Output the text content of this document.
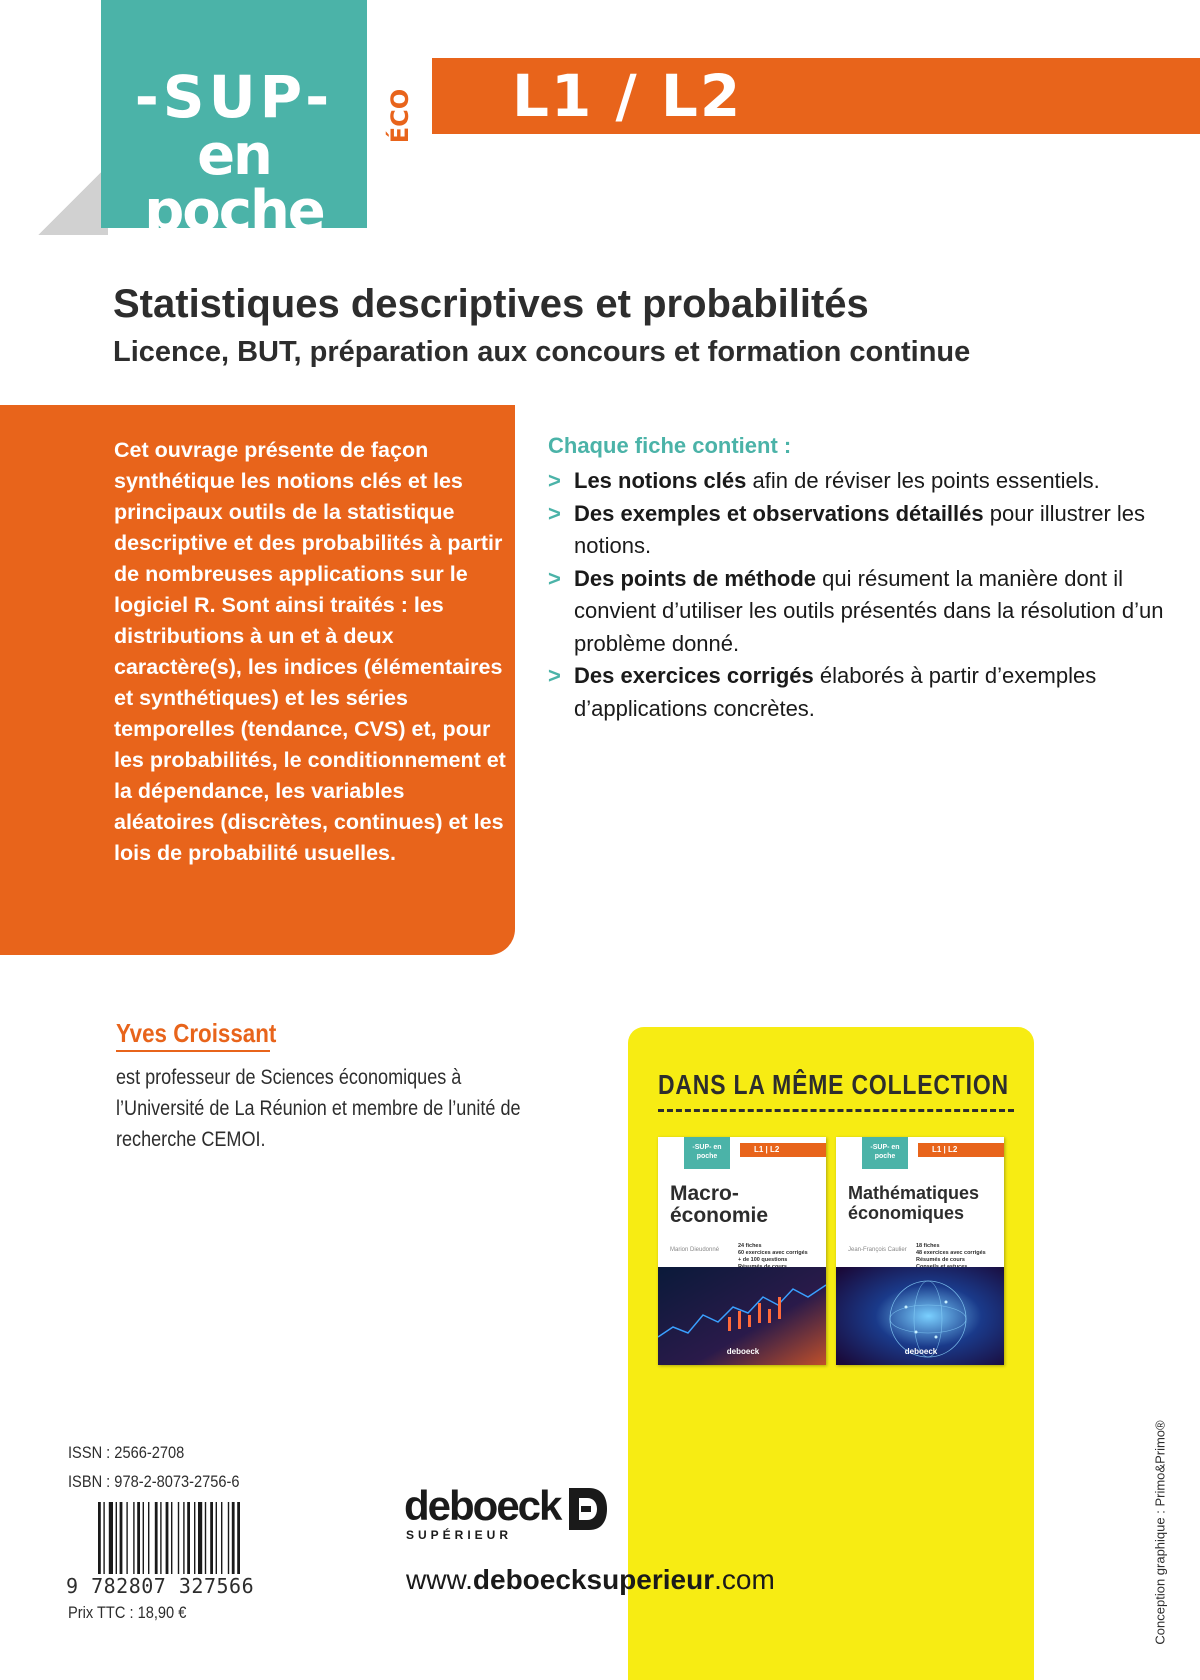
-SUP-
en poche
ÉCO L1 / L2
Statistiques descriptives et probabilités
Licence, BUT, préparation aux concours et formation continue
Cet ouvrage présente de façon synthétique les notions clés et les principaux outils de la statistique descriptive et des probabilités à partir de nombreuses applications sur le logiciel R. Sont ainsi traités : les distributions à un et à deux caractère(s), les indices (élémentaires et synthétiques) et les séries temporelles (tendance, CVS) et, pour les probabilités, le conditionnement et la dépendance, les variables aléatoires (discrètes, continues) et les lois de probabilité usuelles.
Chaque fiche contient :
> Les notions clés afin de réviser les points essentiels.
> Des exemples et observations détaillés pour illustrer les notions.
> Des points de méthode qui résument la manière dont il convient d’utiliser les outils présentés dans la résolution d’un problème donné.
> Des exercices corrigés élaborés à partir d’exemples d’applications concrètes.
Yves Croissant
est professeur de Sciences économiques à l’Université de La Réunion et membre de l’unité de recherche CEMOI.
DANS LA MÊME COLLECTION
-SUP- en poche
L1 | L2
Macro-économie
Marion Dieudonné
24 fiches
60 exercices avec corrigés
+ de 100 questions
deboeck
-SUP- en poche
L1 | L2
Mathématiques économiques
Jean-François Caulier
18 fiches
48 exercices avec corrigés
Résumés de cours
deboeck
ISSN : 2566-2708
ISBN : 978-2-8073-2756-6
9 782807 327566
Prix TTC : 18,90 €
deboeck
SUPÉRIEUR
www.deboecksuperieur.com	Conception graphique : Primo&Primo®
